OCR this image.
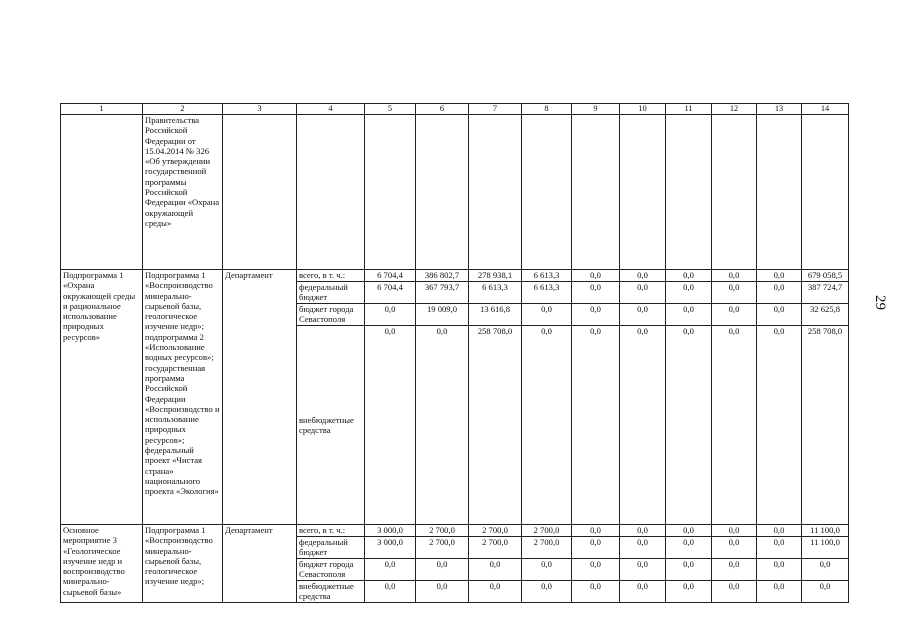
1	2	3	4	5	6	7	8	9	10	11	12	13	14
	Правительства Российской Федерации от 15.04.2014 № 326 «Об утверждении государственной программы Российской Федерации «Охрана окружающей среды»												
Подпрограмма 1 «Охрана окружающей среды и рациональное использование природных ресурсов»	Подпрограмма 1 «Воспроизводство минерально-сырьевой базы, геологическое изучение недр»; подпрограмма 2 «Использование водных ресурсов»; государственная программа Российской Федерации «Воспроизводство и использование природных ресурсов»; федеральный проект «Чистая страна» национального проекта «Экология»	Департамент	всего, в т. ч.:	6 704,4	386 802,7	278 938,1	6 613,3	0,0	0,0	0,0	0,0	0,0	679 058,5
			федеральный бюджет	6 704,4	367 793,7	6 613,3	6 613,3	0,0	0,0	0,0	0,0	0,0	387 724,7
			бюджет города Севастополя	0,0	19 009,0	13 616,8	0,0	0,0	0,0	0,0	0,0	0,0	32 625,8
			внебюджетные средства	0,0	0,0	258 708,0	0,0	0,0	0,0	0,0	0,0	0,0	258 708,0
Основное мероприятие 3 «Геологическое изучение недр и воспроизводство минерально-сырьевой базы»	Подпрограмма 1 «Воспроизводство минерально-сырьевой базы, геологическое изучение недр»;	Департамент	всего, в т. ч.:	3 000,0	2 700,0	2 700,0	2 700,0	0,0	0,0	0,0	0,0	0,0	11 100,0
			федеральный бюджет	3 000,0	2 700,0	2 700,0	2 700,0	0,0	0,0	0,0	0,0	0,0	11 100,0
			бюджет города Севастополя	0,0	0,0	0,0	0,0	0,0	0,0	0,0	0,0	0,0	0,0
			внебюджетные средства	0,0	0,0	0,0	0,0	0,0	0,0	0,0	0,0	0,0	0,0
29
